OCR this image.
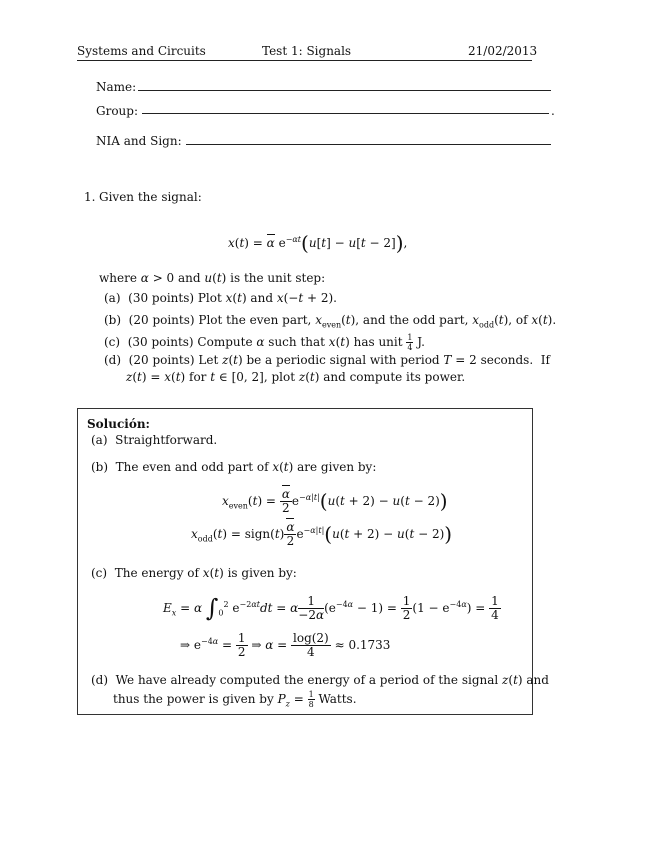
Systems and Circuits	Test 1: Signals	21/02/2013
Name:
Group:	.
NIA and Sign:
1. Given the signal:
x(t) = α $e^{-\alpha t}(u[t] - u[t - 2])$,
where α > 0 and u(t) is the unit step:
(a)  (30 points) Plot x(t) and x(−t + 2).
(b)  (20 points) Plot the even part, $x_{even}(t)$, and the odd part, $x_{odd}(t)$, of x(t).
(c)  (30 points) Compute α such that x(t) has unit $\frac{1}{4} J$.
(d)  (20 points) Let z(t) be a periodic signal with period T = 2 seconds.  If
z(t) = x(t) for t ∈ [0, 2], plot z(t) and compute its power.
Solución:
(a)  Straightforward.
(b)  The even and odd part of x(t) are given by:
$x_{even}(t) = \frac{\alpha}{2} e^{-\alpha|t|}(u(t + 2) - u(t - 2))$
$x_{odd}(t)$ = sign(t) $\frac{\alpha}{2} e^{-\alpha|t|}(u(t + 2) - u(t - 2))$
(c)  The energy of x(t) is given by:
$E_x = \alpha$ $\int_0^2$ $e^{-2\alpha t}dt = \alpha \frac{1}{-2\alpha} (e^{-4\alpha} - 1) = \frac{1}{2} (1 - e^{-4\alpha}) = \frac{1}{4}$
⇒ $e^{-4\alpha} = \frac{1}{2}$ ⇒ $\alpha = \frac{\log(2)}{4} \approx 0.1733$
(d)  We have already computed the energy of a period of the signal z(t) and
thus the power is given by $P_z = \frac{1}{8}$ Watts.
